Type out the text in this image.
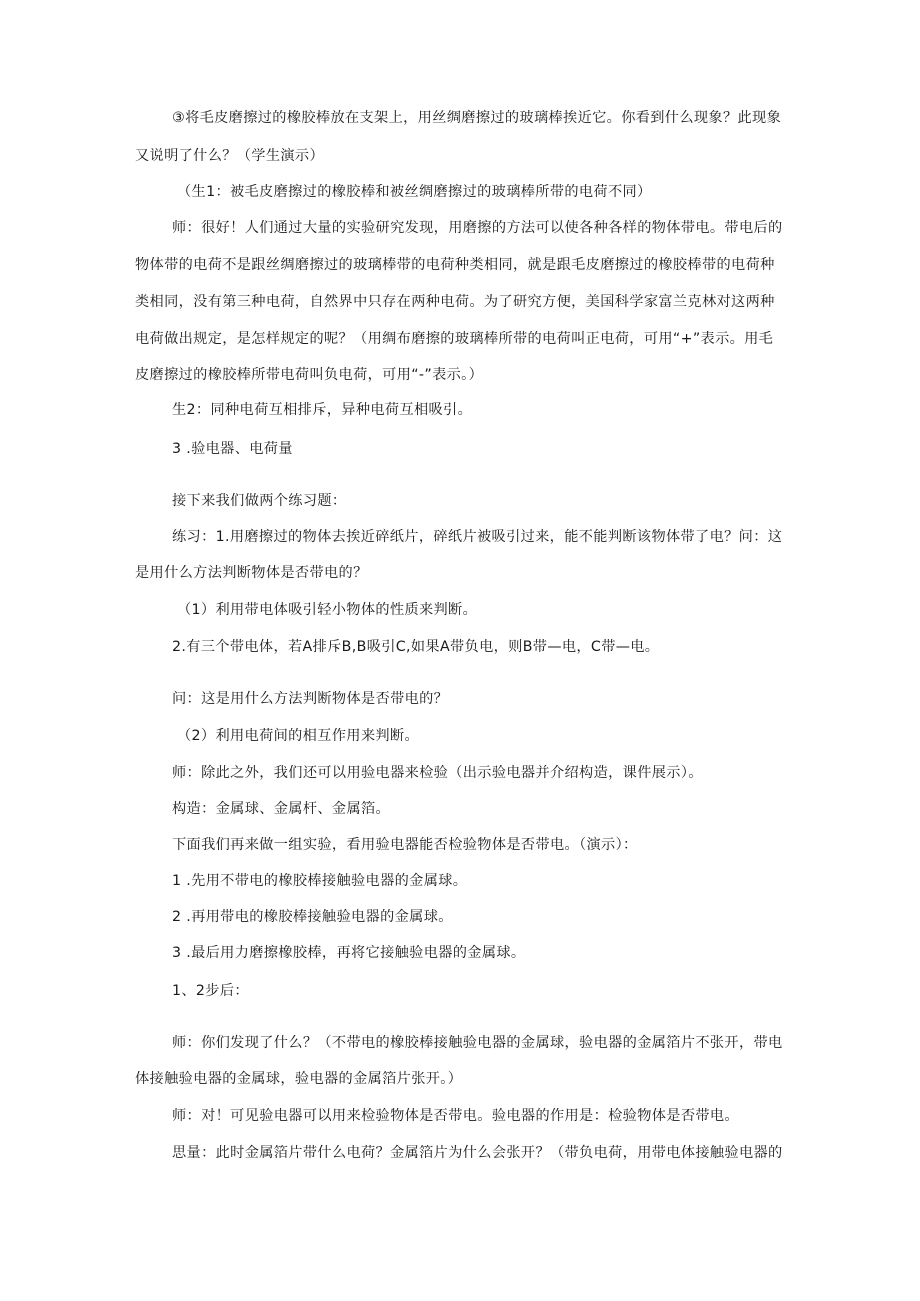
③将毛皮磨擦过的橡胶棒放在支架上，用丝绸磨擦过的玻璃棒挨近它。你看到什么现象？此现象
又说明了什么？（学生演示）
（生1：被毛皮磨擦过的橡胶棒和被丝绸磨擦过的玻璃棒所带的电荷不同）
师：很好！人们通过大量的实验研究发现，用磨擦的方法可以使各种各样的物体带电。带电后的
物体带的电荷不是跟丝绸磨擦过的玻璃棒带的电荷种类相同，就是跟毛皮磨擦过的橡胶棒带的电荷种
类相同，没有第三种电荷，自然界中只存在两种电荷。为了研究方便，美国科学家富兰克林对这两种
电荷做出规定，是怎样规定的呢？（用绸布磨擦的玻璃棒所带的电荷叫正电荷，可用“+”表示。用毛
皮磨擦过的橡胶棒所带电荷叫负电荷，可用“-”表示。）
生2：同种电荷互相排斥，异种电荷互相吸引。
3 .验电器、电荷量
接下来我们做两个练习题：
练习：1.用磨擦过的物体去挨近碎纸片，碎纸片被吸引过来，能不能判断该物体带了电？问：这
是用什么方法判断物体是否带电的？
（1）利用带电体吸引轻小物体的性质来判断。
2.有三个带电体，若A排斥B,B吸引C,如果A带负电，则B带—电，C带—电。
问：这是用什么方法判断物体是否带电的？
（2）利用电荷间的相互作用来判断。
师：除此之外，我们还可以用验电器来检验（出示验电器并介绍构造，课件展示）。
构造：金属球、金属杆、金属箔。
下面我们再来做一组实验，看用验电器能否检验物体是否带电。（演示）：
1 .先用不带电的橡胶棒接触验电器的金属球。
2 .再用带电的橡胶棒接触验电器的金属球。
3 .最后用力磨擦橡胶棒，再将它接触验电器的金属球。
1、2步后：
师：你们发现了什么？（不带电的橡胶棒接触验电器的金属球，验电器的金属箔片不张开，带电
体接触验电器的金属球，验电器的金属箔片张开。）
师：对！可见验电器可以用来检验物体是否带电。验电器的作用是：检验物体是否带电。
思量：此时金属箔片带什么电荷？金属箔片为什么会张开？（带负电荷，用带电体接触验电器的
